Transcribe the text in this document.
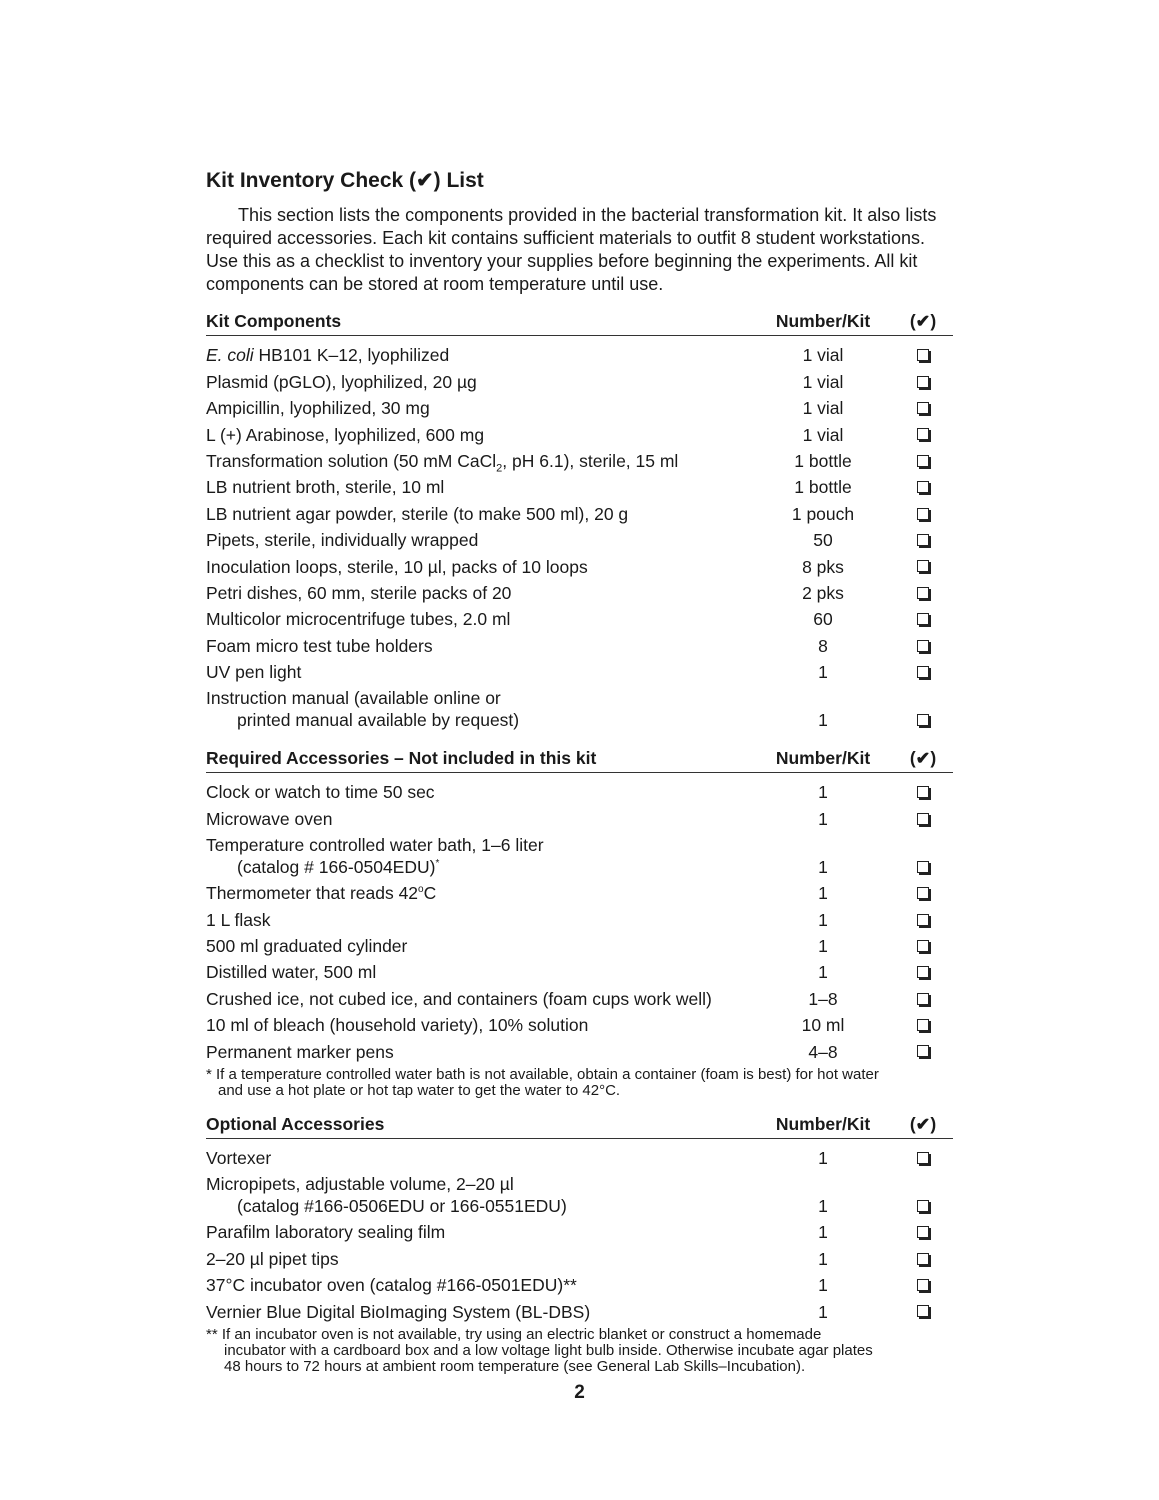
Kit Inventory Check (✔) List

This section lists the components provided in the bacterial transformation kit. It also lists required accessories. Each kit contains sufficient materials to outfit 8 student workstations. Use this as a checklist to inventory your supplies before beginning the experiments. All kit components can be stored at room temperature until use.

Kit Components	Number/Kit	(✔)
E. coli HB101 K–12, lyophilized	1 vial
Plasmid (pGLO), lyophilized, 20 µg	1 vial
Ampicillin, lyophilized, 30 mg	1 vial
L (+) Arabinose, lyophilized, 600 mg	1 vial
Transformation solution (50 mM CaCl$_2$, pH 6.1), sterile, 15 ml	1 bottle
LB nutrient broth, sterile, 10 ml	1 bottle
LB nutrient agar powder, sterile (to make 500 ml), 20 g	1 pouch
Pipets, sterile, individually wrapped	50
Inoculation loops, sterile, 10 µl, packs of 10 loops	8 pks
Petri dishes, 60 mm, sterile packs of 20	2 pks
Multicolor microcentrifuge tubes, 2.0 ml	60
Foam micro test tube holders	8
UV pen light	1
Instruction manual (available online or
printed manual available by request)	1
Required Accessories – Not included in this kit	Number/Kit	(✔)
Clock or watch to time 50 sec	1
Microwave oven	1
Temperature controlled water bath, 1–6 liter
(catalog # 166-0504EDU)*	1
Thermometer that reads 42$^o$C	1
1 L flask	1
500 ml graduated cylinder	1
Distilled water, 500 ml	1
Crushed ice, not cubed ice, and containers (foam cups work well)	1–8
10 ml of bleach (household variety), 10% solution	10 ml
Permanent marker pens	4–8
* If a temperature controlled water bath is not available, obtain a container (foam is best) for hot water
and use a hot plate or hot tap water to get the water to 42°C.
Optional Accessories	Number/Kit	(✔)
Vortexer	1
Micropipets, adjustable volume, 2–20 µl
(catalog #166-0506EDU or 166-0551EDU)	1
Parafilm laboratory sealing film	1
2–20 µl pipet tips	1
37°C incubator oven (catalog #166-0501EDU)**	1
Vernier Blue Digital BioImaging System (BL-DBS)	1
** If an incubator oven is not available, try using an electric blanket or construct a homemade
incubator with a cardboard box and a low voltage light bulb inside. Otherwise incubate agar plates
48 hours to 72 hours at ambient room temperature (see General Lab Skills–Incubation).
2
